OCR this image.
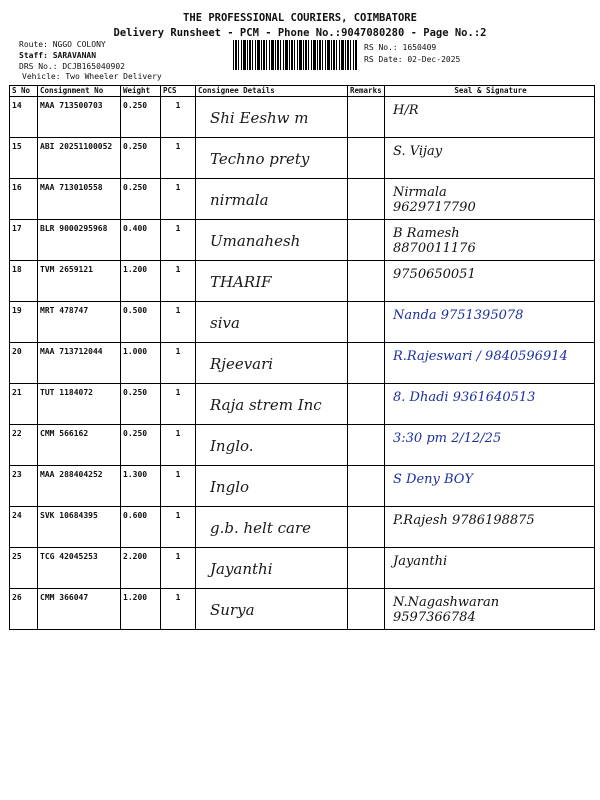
THE PROFESSIONAL COURIERS, COIMBATORE
Delivery Runsheet - PCM - Phone No.:9047080280 - Page No.:2
Route: NGGO COLONY
Staff: SARAVANAN
DRS No.: DCJB165040902
Vehicle: Two Wheeler Delivery
RS No.: 1650409
RS Date: 02-Dec-2025
S No	Consignment No	Weight	PCS	Consignee Details	Remarks	Seal & Signature
14	MAA 713500703	0.250	1	Shi Eeshw m		H/R

15	ABI 20251100052	0.250	1	Techno prety		S. Vijay

16	MAA 713010558	0.250	1	nirmala		Nirmala
9629717790

17	BLR 9000295968	0.400	1	Umanahesh		B Ramesh
8870011176

18	TVM 2659121	1.200	1	THARIF		9750650051

19	MRT 478747	0.500	1	siva		Nanda 9751395078

20	MAA 713712044	1.000	1	Rjeevari		R.Rajeswari / 9840596914

21	TUT 1184072	0.250	1	Raja strem Inc		8. Dhadi 9361640513

22	CMM 566162	0.250	1	Inglo.		3:30 pm 2/12/25

23	MAA 288404252	1.300	1	Inglo		S Deny BOY

24	SVK 10684395	0.600	1	g.b. helt care		P.Rajesh 9786198875

25	TCG 42045253	2.200	1	Jayanthi		Jayanthi

26	CMM 366047	1.200	1	Surya		N.Nagashwaran
9597366784
